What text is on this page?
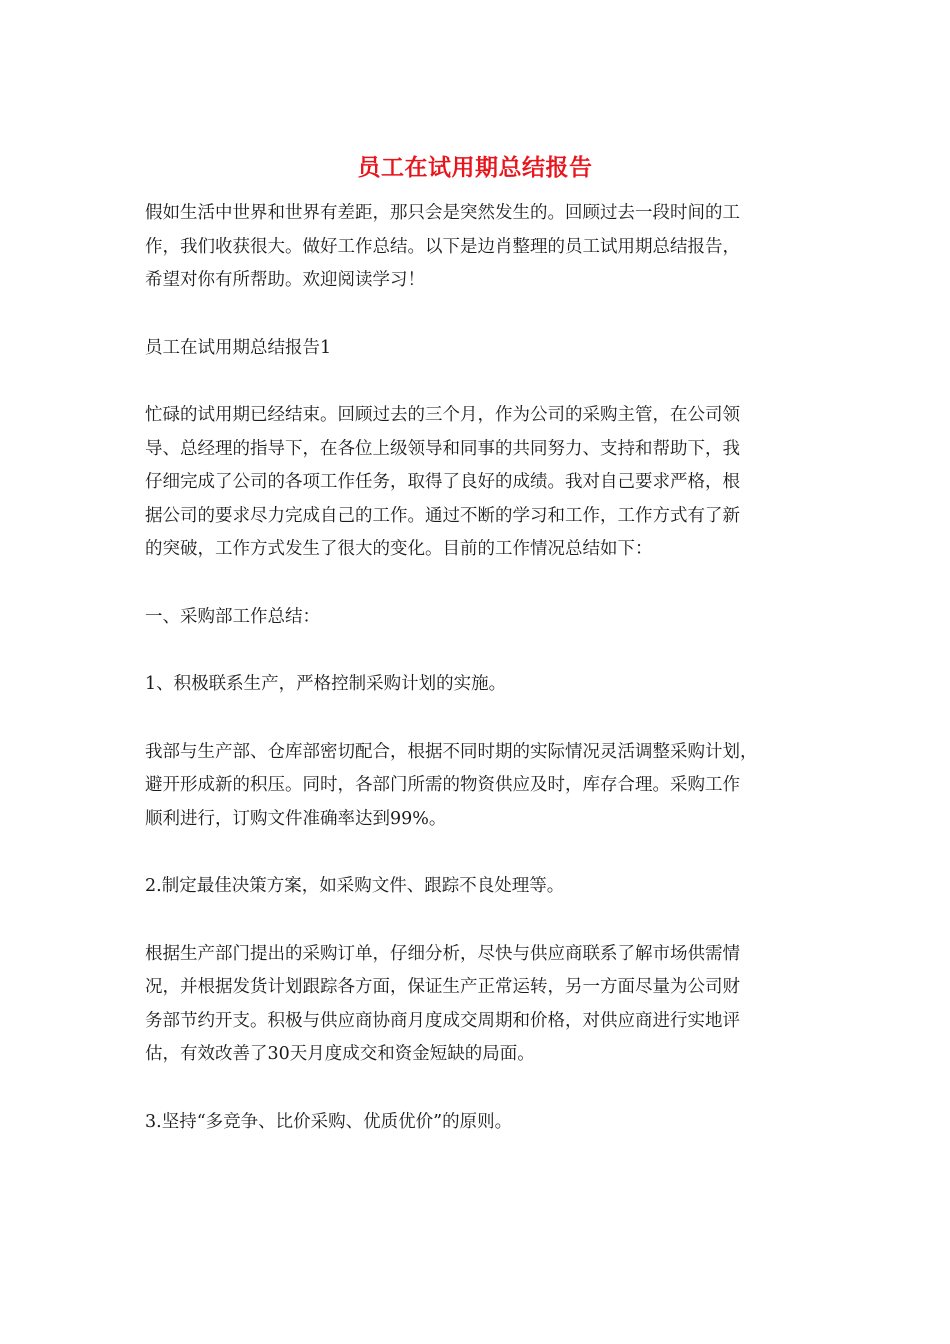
员工在试用期总结报告

假如生活中世界和世界有差距，那只会是突然发生的。回顾过去一段时间的工
作，我们收获很大。做好工作总结。以下是边肖整理的员工试用期总结报告，
希望对你有所帮助。欢迎阅读学习！

员工在试用期总结报告1

忙碌的试用期已经结束。回顾过去的三个月，作为公司的采购主管，在公司领
导、总经理的指导下，在各位上级领导和同事的共同努力、支持和帮助下，我
仔细完成了公司的各项工作任务，取得了良好的成绩。我对自己要求严格，根
据公司的要求尽力完成自己的工作。通过不断的学习和工作，工作方式有了新
的突破，工作方式发生了很大的变化。目前的工作情况总结如下：

一、采购部工作总结：

1、积极联系生产，严格控制采购计划的实施。

我部与生产部、仓库部密切配合，根据不同时期的实际情况灵活调整采购计划，
避开形成新的积压。同时，各部门所需的物资供应及时，库存合理。采购工作
顺利进行，订购文件准确率达到99%。

2.制定最佳决策方案，如采购文件、跟踪不良处理等。

根据生产部门提出的采购订单，仔细分析，尽快与供应商联系了解市场供需情
况，并根据发货计划跟踪各方面，保证生产正常运转，另一方面尽量为公司财
务部节约开支。积极与供应商协商月度成交周期和价格，对供应商进行实地评
估，有效改善了30天月度成交和资金短缺的局面。

3.坚持“多竞争、比价采购、优质优价”的原则。
